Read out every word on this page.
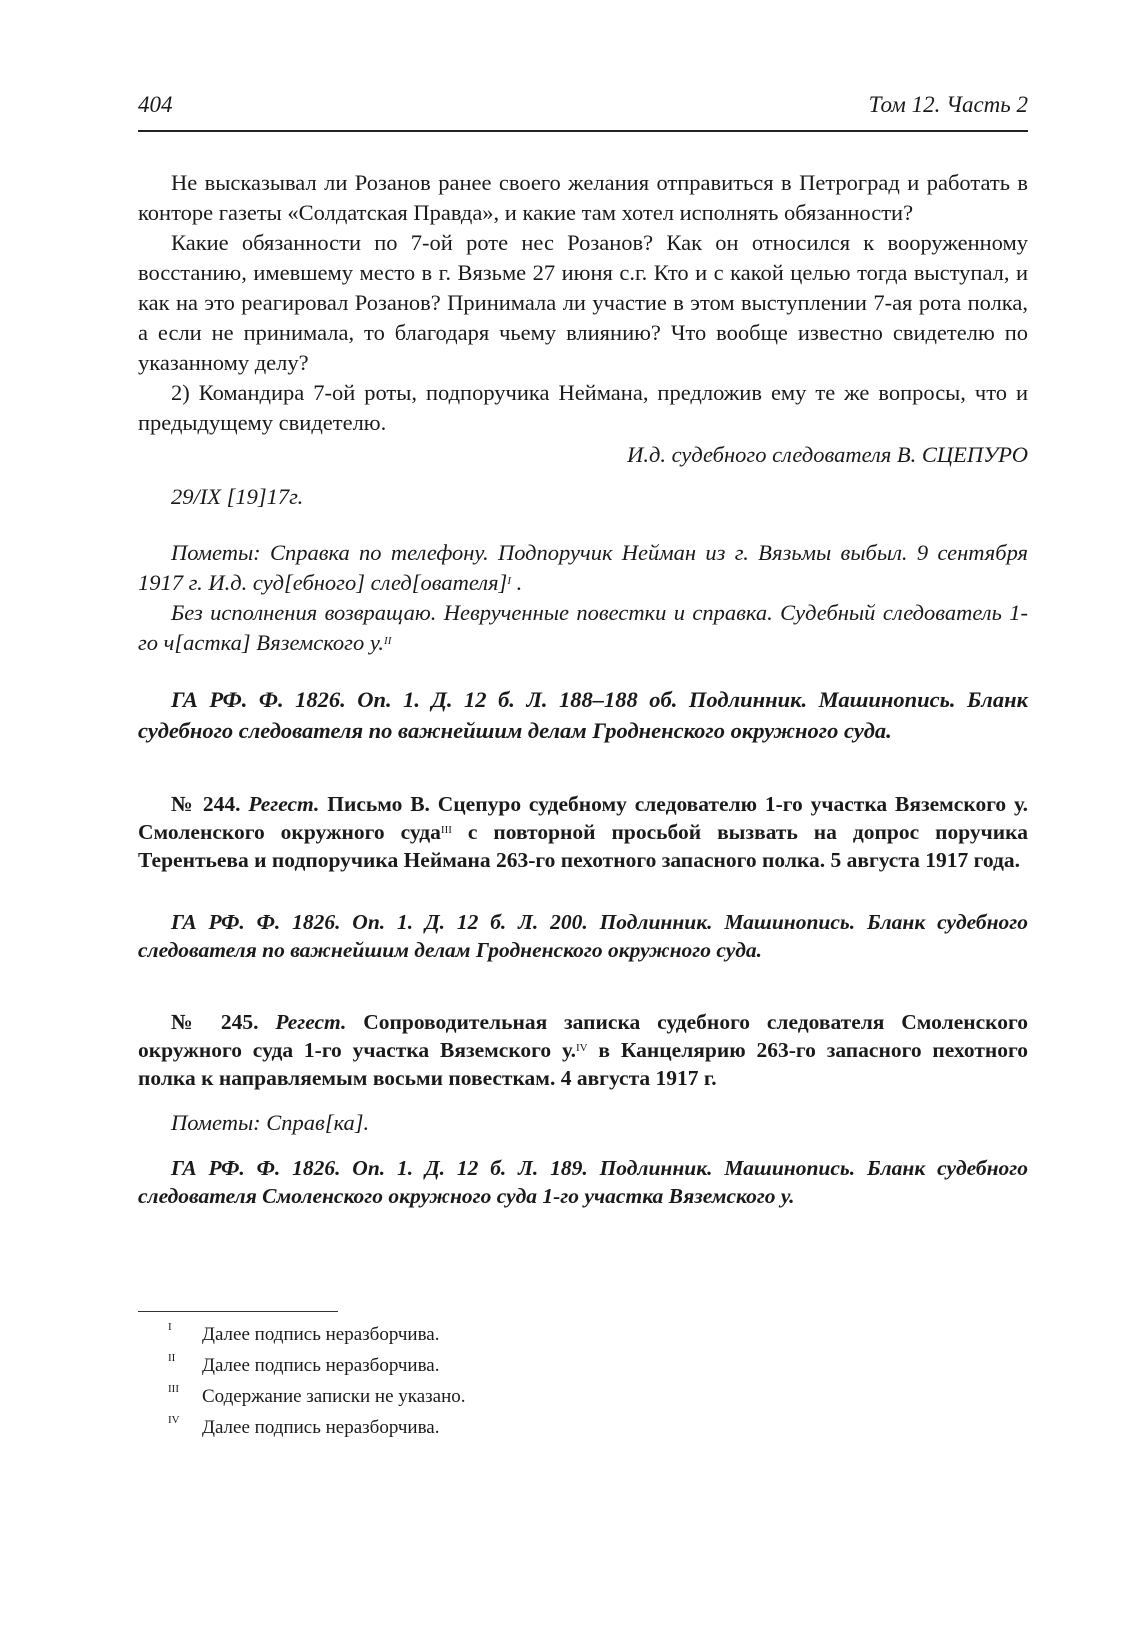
404	Том 12. Часть 2

Не высказывал ли Розанов ранее своего желания отправиться в Петроград и работать в конторе газеты «Солдатская Правда», и какие там хотел исполнять обязанности?

Какие обязанности по 7-ой роте нес Розанов? Как он относился к вооруженному восстанию, имевшему место в г. Вязьме 27 июня с.г. Кто и с какой целью тогда выступал, и как на это реагировал Розанов? Принимала ли участие в этом выступлении 7-ая рота полка, а если не принимала, то благодаря чьему влиянию? Что вообще известно свидетелю по указанному делу?

2) Командира 7-ой роты, подпоручика Неймана, предложив ему те же вопросы, что и предыдущему свидетелю.

И.д. судебного следователя В. СЦЕПУРО

29/IX [19]17г.

Пометы: Справка по телефону. Подпоручик Нейман из г. Вязьмы выбыл. 9 сентября 1917 г. И.д. суд[ебного] след[ователя]$^I$ .

Без исполнения возвращаю. Неврученные повестки и справка. Судебный следователь 1-го ч[астка] Вяземского у.$^{II}$

ГА РФ. Ф. 1826. Оп. 1. Д. 12 б. Л. 188–188 об. Подлинник. Машинопись. Бланк судебного следователя по важнейшим делам Гродненского окружного суда.

№ 244. Регест. Письмо В. Сцепуро судебному следователю 1-го участка Вяземского у. Смоленского окружного суда$^{III}$ с повторной просьбой вызвать на допрос поручика Терентьева и подпоручика Неймана 263-го пехотного запасного полка. 5 августа 1917 года.

ГА РФ. Ф. 1826. Оп. 1. Д. 12 б. Л. 200. Подлинник. Машинопись. Бланк судебного следователя по важнейшим делам Гродненского окружного суда.

№ 245. Регест. Сопроводительная записка судебного следователя Смоленского окружного суда 1-го участка Вяземского у.$^{IV}$ в Канцелярию 263-го запасного пехотного полка к направляемым восьми повесткам. 4 августа 1917 г.

Пометы: Справ[ка].

ГА РФ. Ф. 1826. Оп. 1. Д. 12 б. Л. 189. Подлинник. Машинопись. Бланк судебного следователя Смоленского окружного суда 1-го участка Вяземского у.

I Далее подпись неразборчива.
II Далее подпись неразборчива.
III Содержание записки не указано.
IV Далее подпись неразборчива.
